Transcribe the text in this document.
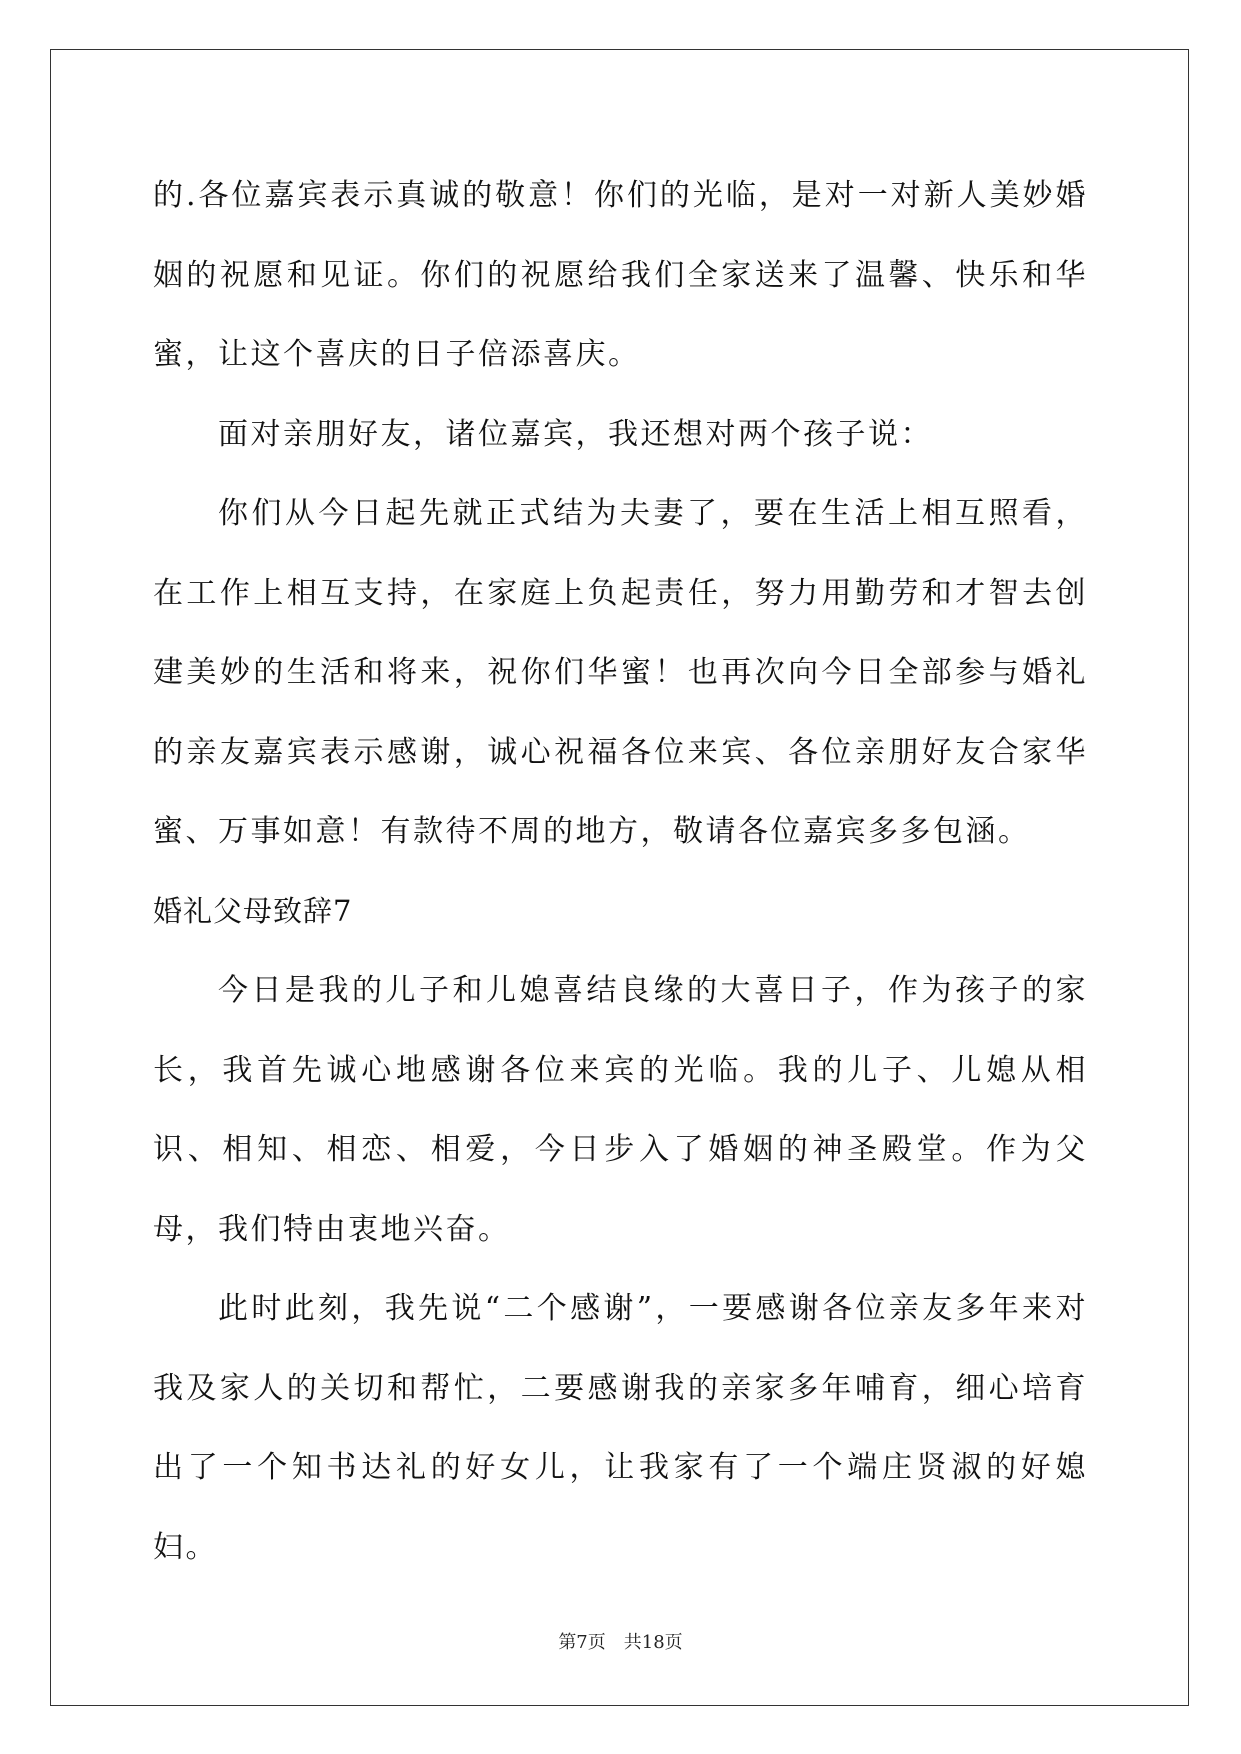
的.各位嘉宾表示真诚的敬意！你们的光临，是对一对新人美妙婚姻的祝愿和见证。你们的祝愿给我们全家送来了温馨、快乐和华蜜，让这个喜庆的日子倍添喜庆。

面对亲朋好友，诸位嘉宾，我还想对两个孩子说：

你们从今日起先就正式结为夫妻了，要在生活上相互照看，在工作上相互支持，在家庭上负起责任，努力用勤劳和才智去创建美妙的生活和将来，祝你们华蜜！也再次向今日全部参与婚礼的亲友嘉宾表示感谢，诚心祝福各位来宾、各位亲朋好友合家华蜜、万事如意！有款待不周的地方，敬请各位嘉宾多多包涵。

婚礼父母致辞7

今日是我的儿子和儿媳喜结良缘的大喜日子，作为孩子的家长，我首先诚心地感谢各位来宾的光临。我的儿子、儿媳从相识、相知、相恋、相爱，今日步入了婚姻的神圣殿堂。作为父母，我们特由衷地兴奋。

此时此刻，我先说“二个感谢”，一要感谢各位亲友多年来对我及家人的关切和帮忙，二要感谢我的亲家多年哺育，细心培育出了一个知书达礼的好女儿，让我家有了一个端庄贤淑的好媳妇。

第7页　共18页
